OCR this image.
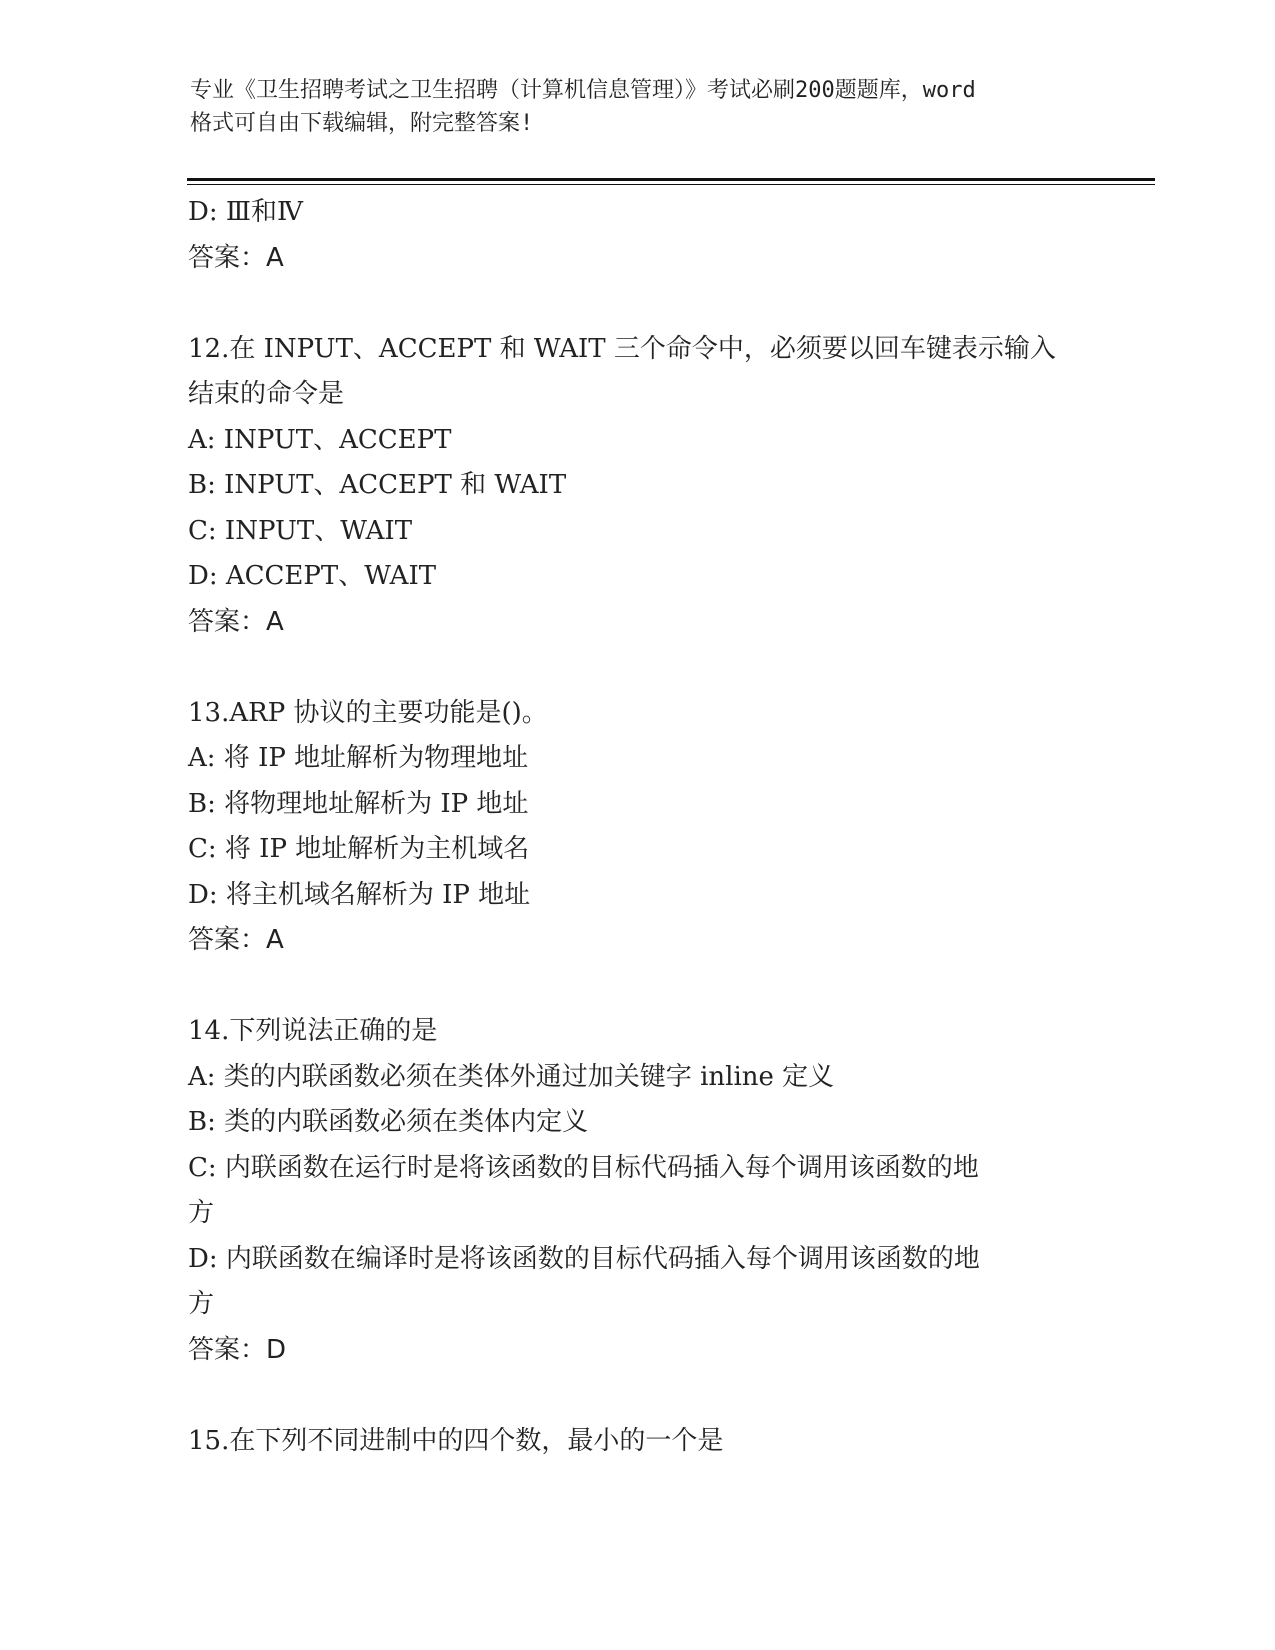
专业《卫生招聘考试之卫生招聘（计算机信息管理）》考试必刷200题题库，word
格式可自由下载编辑，附完整答案!
D: Ⅲ和Ⅳ
答案：A
12.在 INPUT、ACCEPT 和 WAIT 三个命令中，必须要以回车键表示输入
结束的命令是
A: INPUT、ACCEPT
B: INPUT、ACCEPT 和 WAIT
C: INPUT、WAIT
D: ACCEPT、WAIT
答案：A
13.ARP 协议的主要功能是()。
A: 将 IP 地址解析为物理地址
B: 将物理地址解析为 IP 地址
C: 将 IP 地址解析为主机域名
D: 将主机域名解析为 IP 地址
答案：A
14.下列说法正确的是
A: 类的内联函数必须在类体外通过加关键字 inline 定义
B: 类的内联函数必须在类体内定义
C: 内联函数在运行时是将该函数的目标代码插入每个调用该函数的地
方
D: 内联函数在编译时是将该函数的目标代码插入每个调用该函数的地
方
答案：D
15.在下列不同进制中的四个数，最小的一个是
